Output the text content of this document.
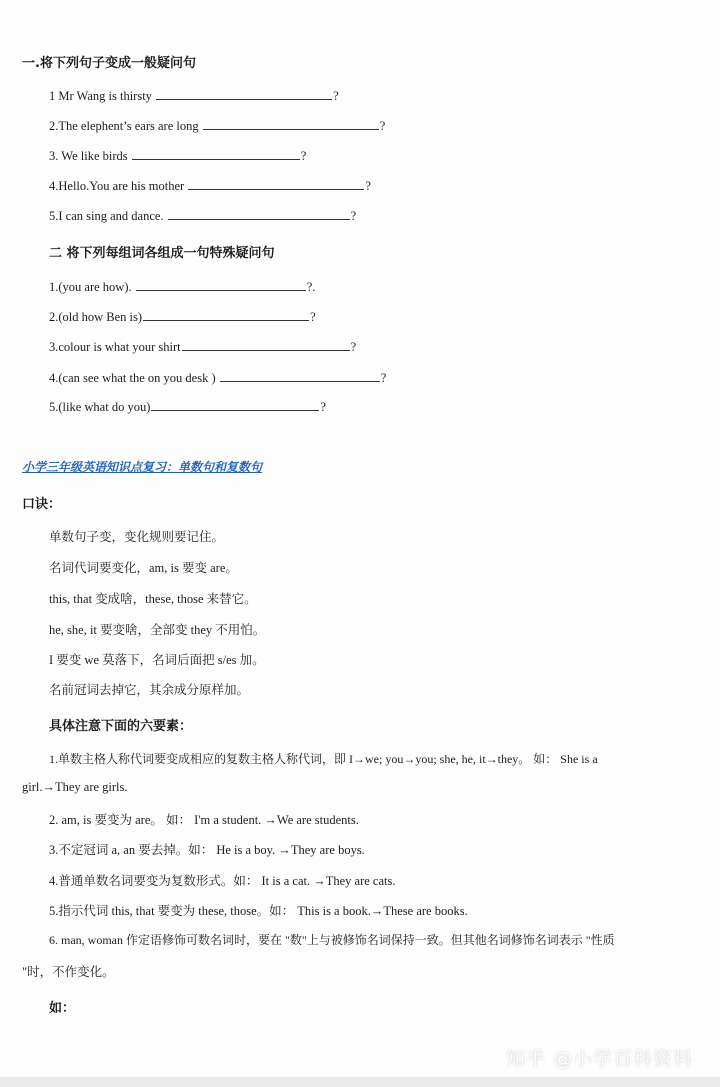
一.将下列句子变成一般疑问句
1 Mr Wang is thirsty	?
2.The elephent’s ears are long	?
3. We like birds	?
4.Hello.You are his mother	?
5.I can sing and dance.	?
二 将下列每组词各组成一句特殊疑问句
1.(you are how).	?.
2.(old how Ben is)	?
3.colour is what your shirt	?
4.(can see what the on you desk )	?
5.(like what do you)	?
小学三年级英语知识点复习：单数句和复数句
口诀：
单数句子变，变化规则要记住。
名词代词要变化，am, is 要变 are。
this, that 变成啥，these, those 来替它。
he, she, it 要变啥，全部变 they 不用怕。
I 要变 we 莫落下，名词后面把 s/es 加。
名前冠词去掉它，其余成分原样加。
具体注意下面的六要素：
1.单数主格人称代词要变成相应的复数主格人称代词，即 I→we; you→you; she, he, it→they。 如： She is a
girl.→They are girls.
2. am, is 要变为 are。 如： I'm a student. →We are students.
3.不定冠词 a, an 要去掉。如： He is a boy. →They are boys.
4.普通单数名词要变为复数形式。如： It is a cat. →They are cats.
5.指示代词 this, that 要变为 these, those。如： This is a book.→These are books.
6. man, woman 作定语修饰可数名词时，要在 "数"上与被修饰名词保持一致。但其他名词修饰名词表示 "性质
"时，不作变化。
如：
知乎 @小学百科资料
